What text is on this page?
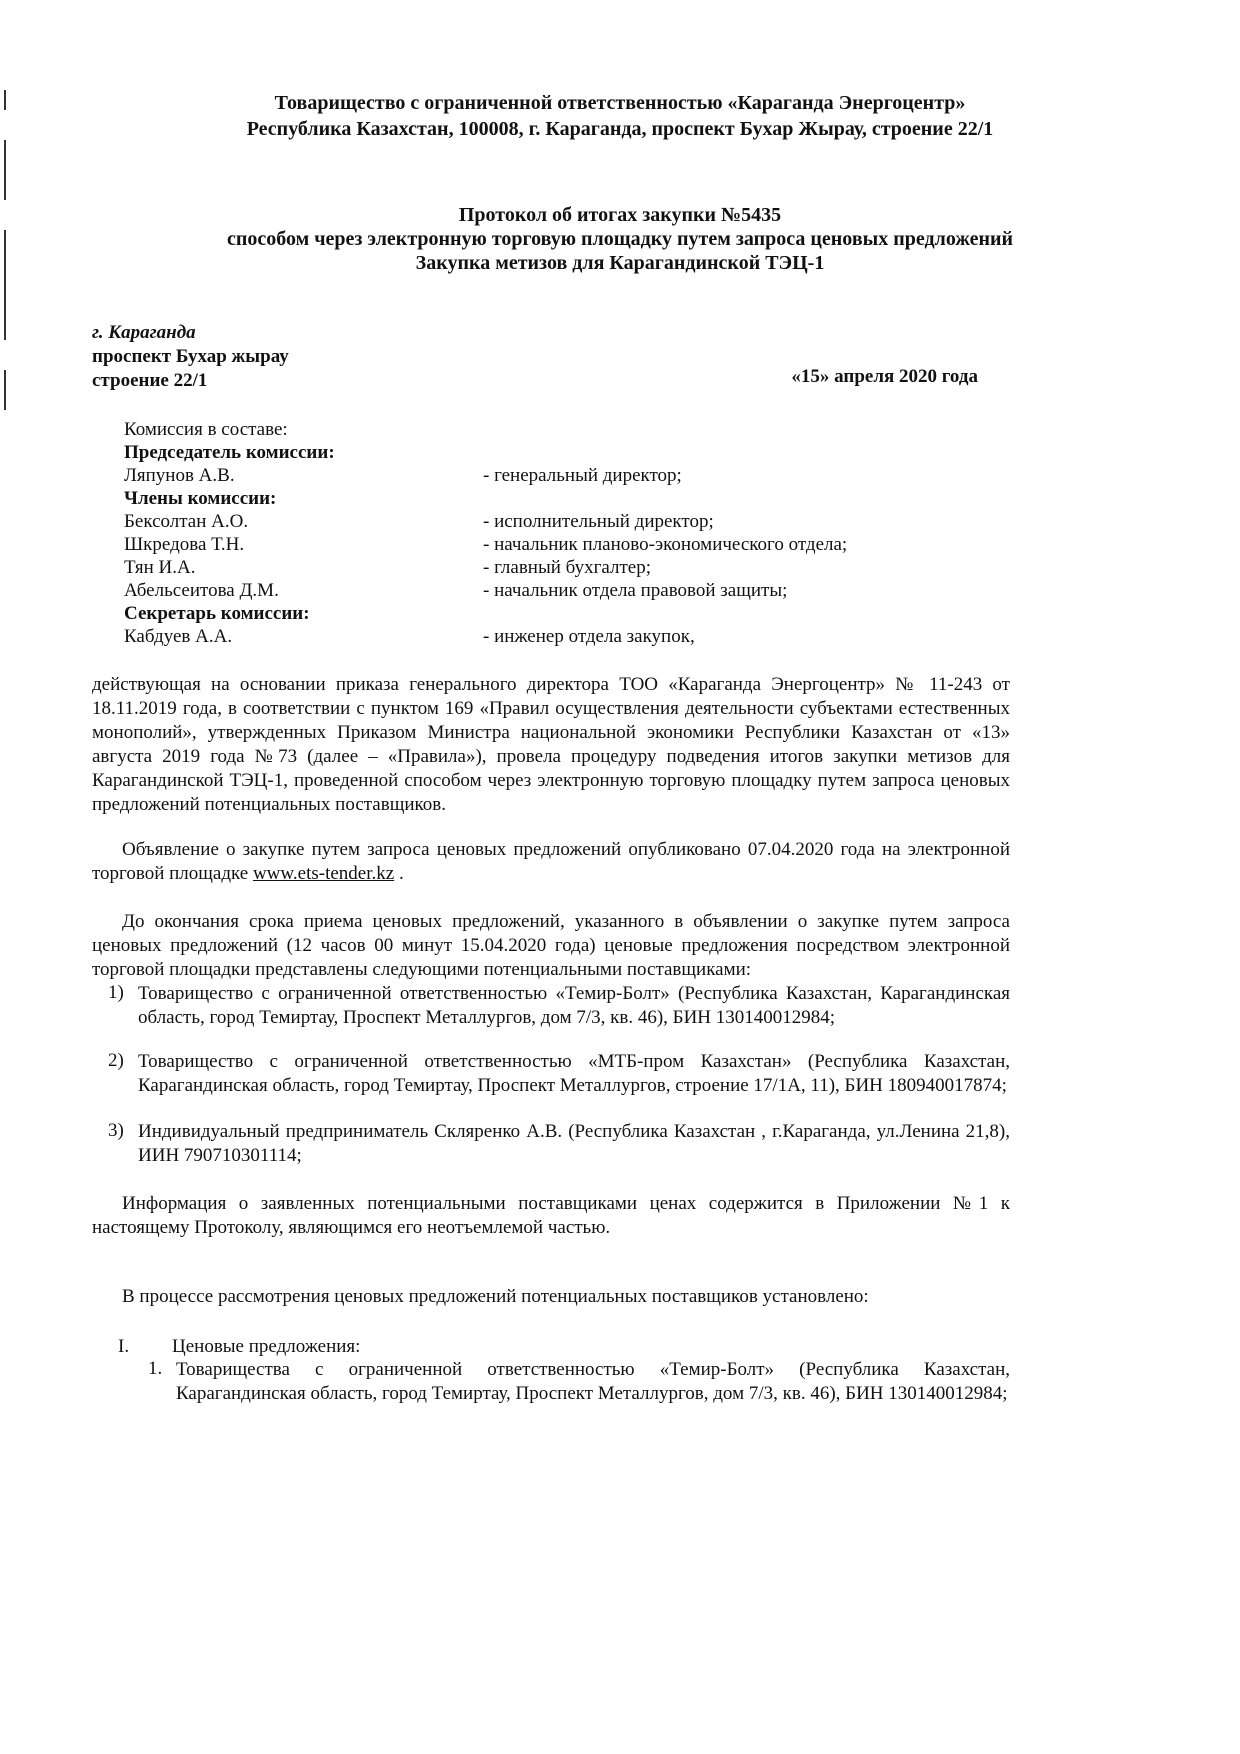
Товарищество с ограниченной ответственностью «Караганда Энергоцентр»
Республика Казахстан, 100008, г. Караганда, проспект Бухар Жырау, строение 22/1
Протокол об итогах закупки №5435
способом через электронную торговую площадку путем запроса ценовых предложений
Закупка метизов для Карагандинской ТЭЦ-1
г. Караганда
проспект Бухар жырау
строение 22/1	«15» апреля 2020 года
Комиссия в составе:
Председатель комиссии:
Ляпунов А.В.	- генеральный директор;
Члены комиссии:
Бексолтан А.О.	- исполнительный директор;
Шкредова Т.Н.	- начальник планово-экономического отдела;
Тян И.А.	- главный бухгалтер;
Абельсеитова Д.М.	- начальник отдела правовой защиты;
Секретарь комиссии:
Кабдуев А.А.	- инженер отдела закупок,
действующая на основании приказа генерального директора ТОО «Караганда Энергоцентр» № 11-243 от 18.11.2019 года, в соответствии с пунктом 169 «Правил осуществления деятельности субъектами естественных монополий», утвержденных Приказом Министра национальной экономики Республики Казахстан от «13» августа 2019 года №73 (далее – «Правила»), провела процедуру подведения итогов закупки метизов для Карагандинской ТЭЦ-1, проведенной способом через электронную торговую площадку путем запроса ценовых предложений потенциальных поставщиков.
Объявление о закупке путем запроса ценовых предложений опубликовано 07.04.2020 года на электронной торговой площадке www.ets-tender.kz .
До окончания срока приема ценовых предложений, указанного в объявлении о закупке путем запроса ценовых предложений (12 часов 00 минут 15.04.2020 года) ценовые предложения посредством электронной торговой площадки представлены следующими потенциальными поставщиками:
1) Товарищество с ограниченной ответственностью «Темир-Болт» (Республика Казахстан, Карагандинская область, город Темиртау, Проспект Металлургов, дом 7/3, кв. 46), БИН 130140012984;
2) Товарищество с ограниченной ответственностью «МТБ-пром Казахстан» (Республика Казахстан, Карагандинская область, город Темиртау, Проспект Металлургов, строение 17/1А, 11), БИН 180940017874;
3) Индивидуальный предприниматель Скляренко А.В. (Республика Казахстан , г.Караганда, ул.Ленина 21,8), ИИН 790710301114;
Информация о заявленных потенциальными поставщиками ценах содержится в Приложении №1 к настоящему Протоколу, являющимся его неотъемлемой частью.
В процессе рассмотрения ценовых предложений потенциальных поставщиков установлено:
I. Ценовые предложения:
1. Товарищества с ограниченной ответственностью «Темир-Болт» (Республика Казахстан, Карагандинская область, город Темиртау, Проспект Металлургов, дом 7/3, кв. 46), БИН 130140012984;
